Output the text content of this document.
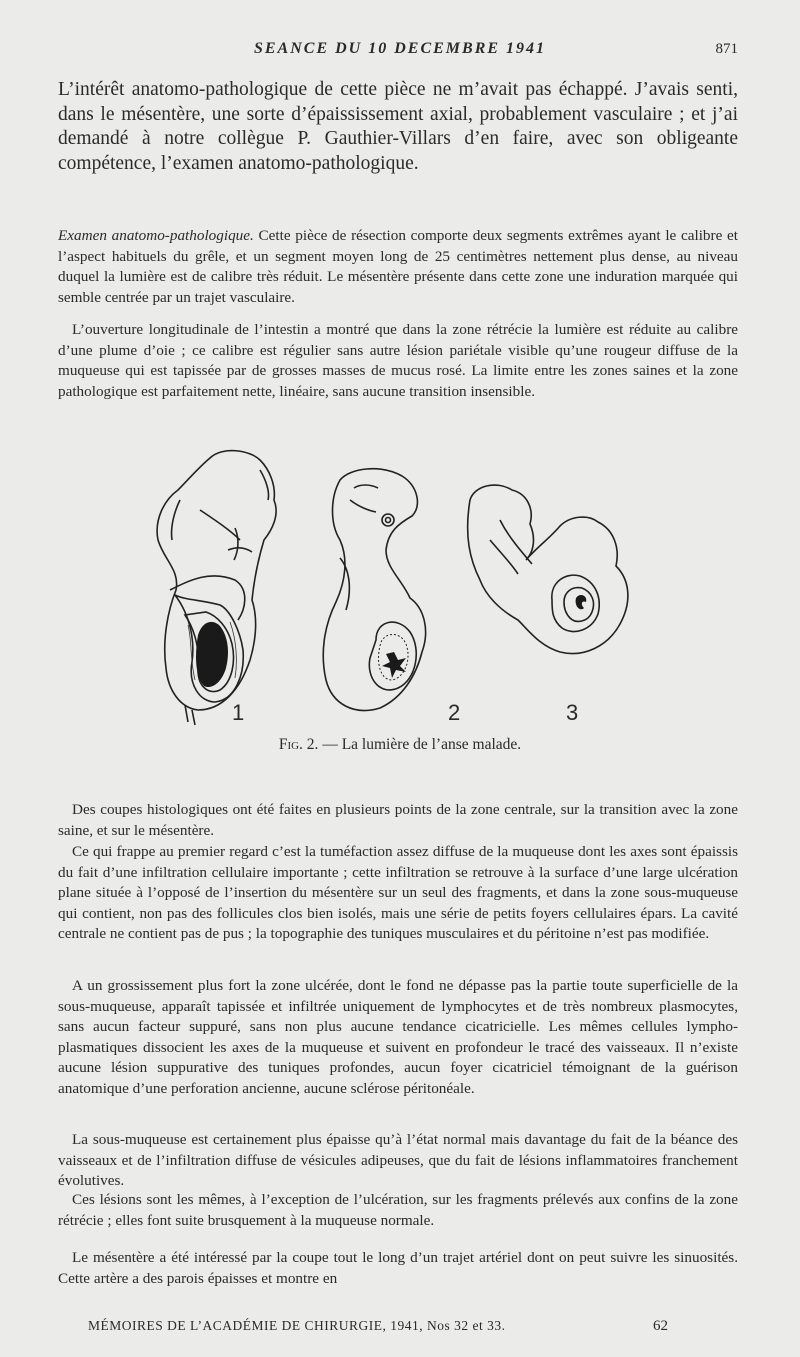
SEANCE DU 10 DECEMBRE 1941	871

L’intérêt anatomo-pathologique de cette pièce ne m’avait pas échappé. J’avais senti, dans le mésentère, une sorte d’épaississement axial, probablement vasculaire ; et j’ai demandé à notre collègue P. Gauthier-Villars d’en faire, avec son obligeante compétence, l’examen anatomo-pathologique.

Examen anatomo-pathologique. Cette pièce de résection comporte deux segments extrêmes ayant le calibre et l’aspect habituels du grêle, et un segment moyen long de 25 centimètres nettement plus dense, au niveau duquel la lumière est de calibre très réduit. Le mésentère présente dans cette zone une induration marquée qui semble centrée par un trajet vasculaire.

L’ouverture longitudinale de l’intestin a montré que dans la zone rétrécie la lumière est réduite au calibre d’une plume d’oie ; ce calibre est régulier sans autre lésion pariétale visible qu’une rougeur diffuse de la muqueuse qui est tapissée par de grosses masses de mucus rosé. La limite entre les zones saines et la zone pathologique est parfaitement nette, linéaire, sans aucune transition insensible.

1	2	3
Fig. 2. — La lumière de l’anse malade.

Des coupes histologiques ont été faites en plusieurs points de la zone centrale, sur la transition avec la zone saine, et sur le mésentère.

Ce qui frappe au premier regard c’est la tuméfaction assez diffuse de la muqueuse dont les axes sont épaissis du fait d’une infiltration cellulaire importante ; cette infiltration se retrouve à la surface d’une large ulcération plane située à l’opposé de l’insertion du mésentère sur un seul des fragments, et dans la zone sous-muqueuse qui contient, non pas des follicules clos bien isolés, mais une série de petits foyers cellulaires épars. La cavité centrale ne contient pas de pus ; la topographie des tuniques musculaires et du péritoine n’est pas modifiée.

A un grossissement plus fort la zone ulcérée, dont le fond ne dépasse pas la partie toute superficielle de la sous-muqueuse, apparaît tapissée et infiltrée uniquement de lymphocytes et de très nombreux plasmocytes, sans aucun facteur suppuré, sans non plus aucune tendance cicatricielle. Les mêmes cellules lympho-plasmatiques dissocient les axes de la muqueuse et suivent en profondeur le tracé des vaisseaux. Il n’existe aucune lésion suppurative des tuniques profondes, aucun foyer cicatriciel témoignant de la guérison anatomique d’une perforation ancienne, aucune sclérose péritonéale.

La sous-muqueuse est certainement plus épaisse qu’à l’état normal mais davantage du fait de la béance des vaisseaux et de l’infiltration diffuse de vésicules adipeuses, que du fait de lésions inflammatoires franchement évolutives.

Ces lésions sont les mêmes, à l’exception de l’ulcération, sur les fragments prélevés aux confins de la zone rétrécie ; elles font suite brusquement à la muqueuse normale.

Le mésentère a été intéressé par la coupe tout le long d’un trajet artériel dont on peut suivre les sinuosités. Cette artère a des parois épaisses et montre en

MÉMOIRES DE L’ACADÉMIE DE CHIRURGIE, 1941, Nos 32 et 33.	62
